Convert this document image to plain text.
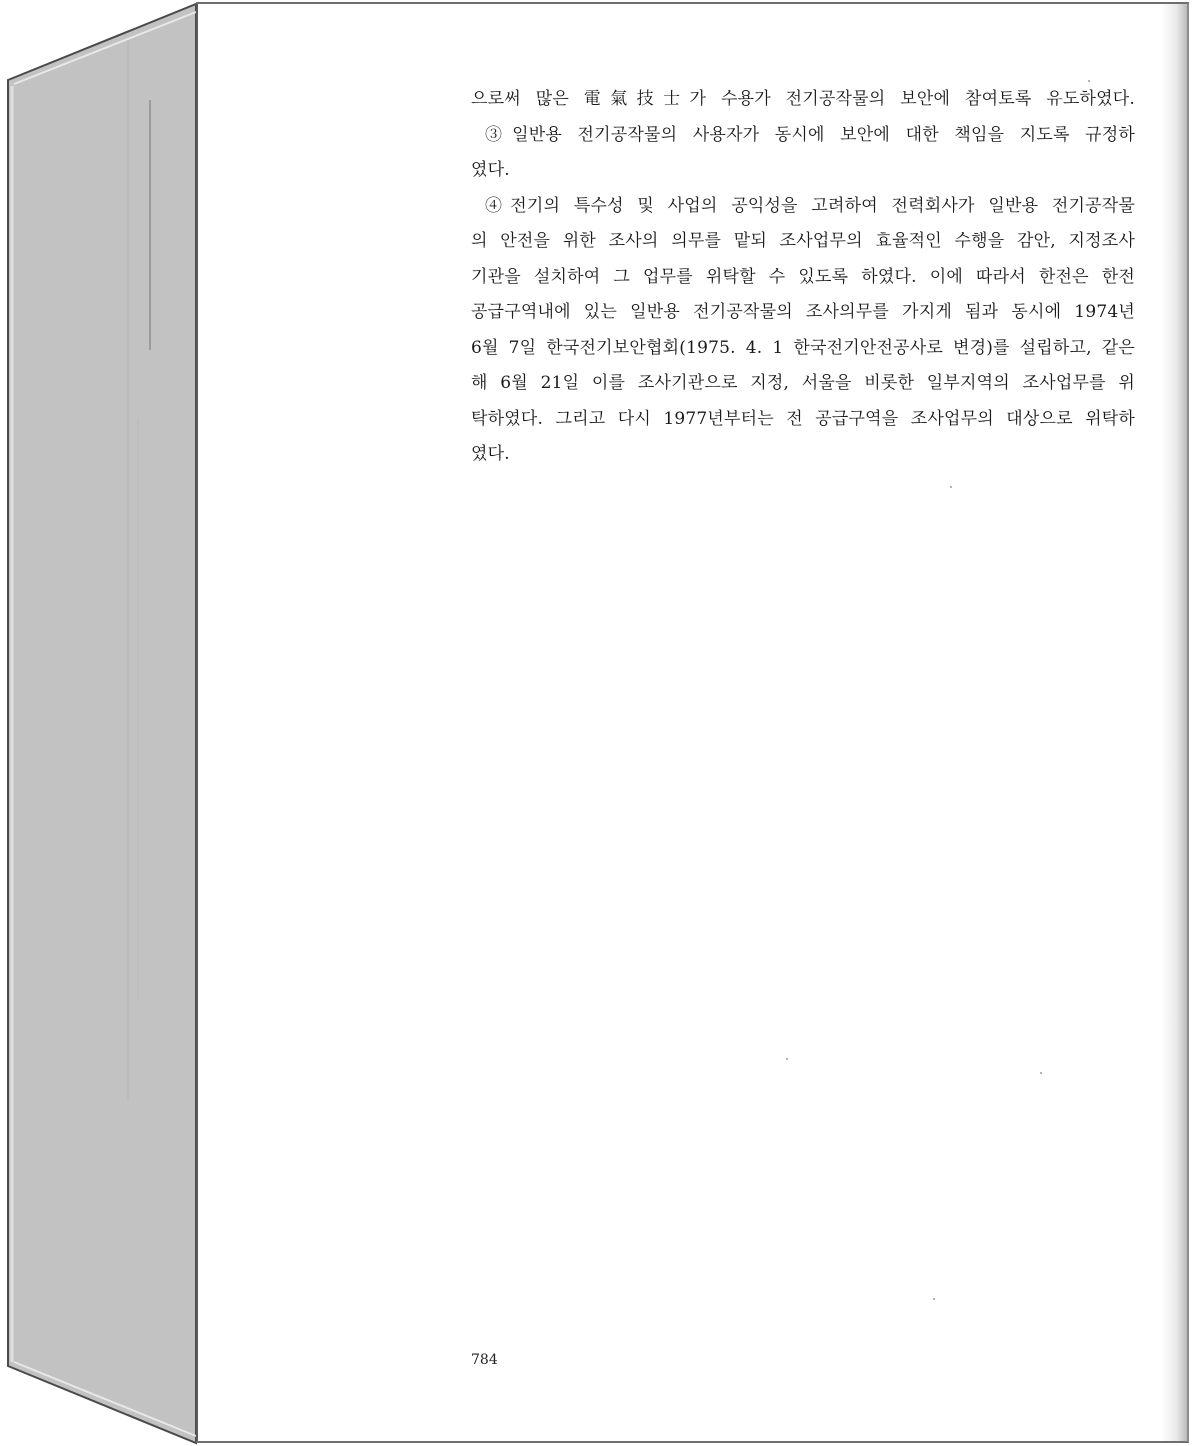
으로써 많은 電氣技士가 수용가 전기공작물의 보안에 참여토록 유도하였다.
③일반용 전기공작물의 사용자가 동시에 보안에 대한 책임을 지도록 규정하
였다.
④전기의 특수성 및 사업의 공익성을 고려하여 전력회사가 일반용 전기공작물
의 안전을 위한 조사의 의무를 맡되 조사업무의 효율적인 수행을 감안, 지정조사
기관을 설치하여 그 업무를 위탁할 수 있도록 하였다. 이에 따라서 한전은 한전
공급구역내에 있는 일반용 전기공작물의 조사의무를 가지게 됨과 동시에 1974년
6월 7일 한국전기보안협회(1975. 4. 1 한국전기안전공사로 변경)를 설립하고, 같은
해 6월 21일 이를 조사기관으로 지정, 서울을 비롯한 일부지역의 조사업무를 위
탁하였다. 그리고 다시 1977년부터는 전 공급구역을 조사업무의 대상으로 위탁하
였다.
784
